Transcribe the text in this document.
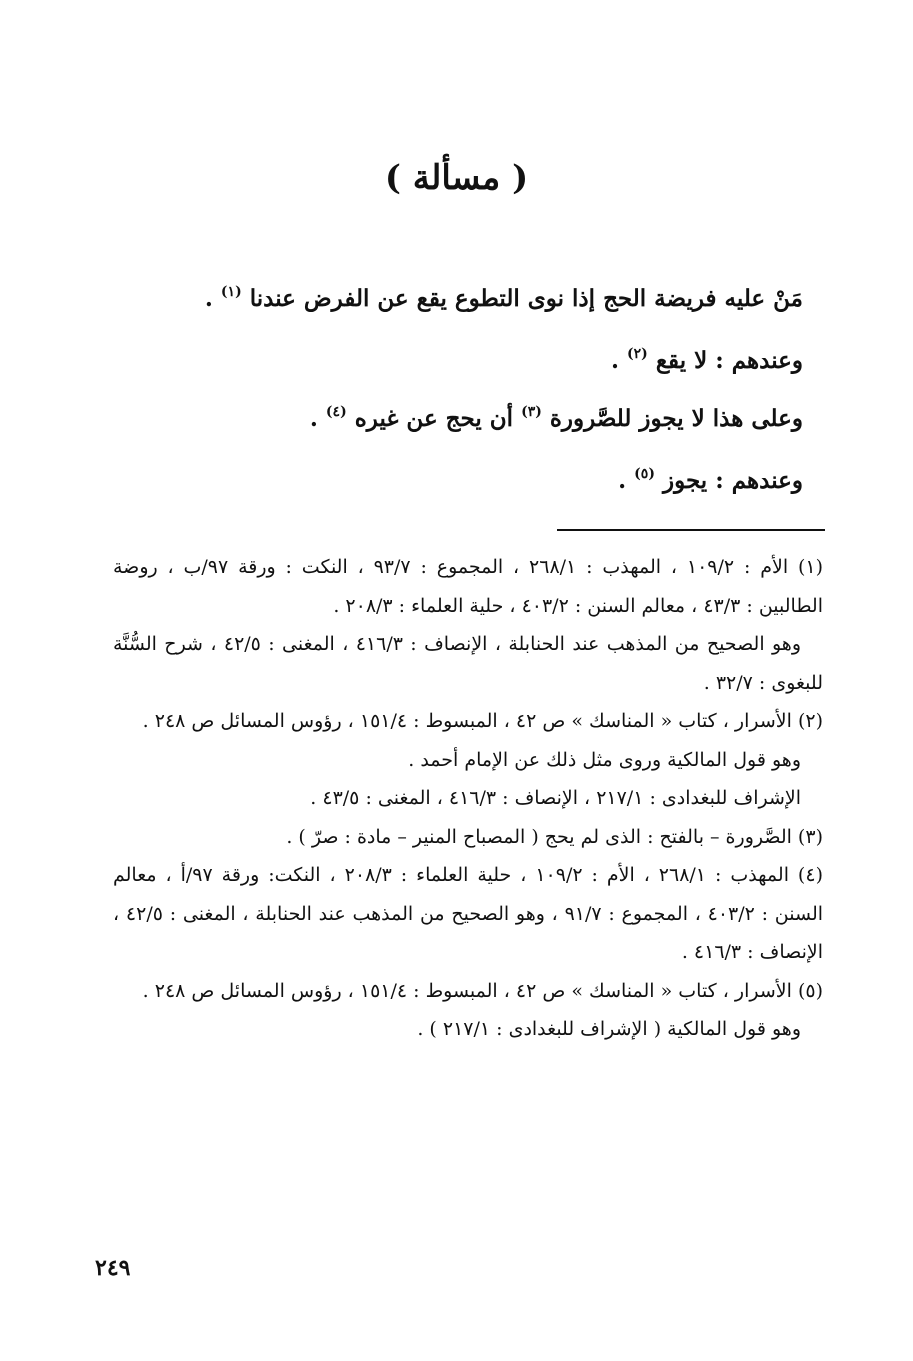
( مسألة )
مَنْ عليه فريضة الحج إذا نوى التطوع يقع عن الفرض عندنا $^{(١)}$ .
وعندهم : لا يقع $^{(٢)}$ .
وعلى هذا لا يجوز للصَّرورة $^{(٣)}$ أن يحج عن غيره $^{(٤)}$ .
وعندهم : يجوز $^{(٥)}$ .

(١) الأم : ١٠٩/٢ ، المهذب : ٢٦٨/١ ، المجموع : ٩٣/٧ ، النكت : ورقة ٩٧/ب ، روضة الطالبين : ٤٣/٣ ، معالم السنن : ٤٠٣/٢ ، حلية العلماء : ٢٠٨/٣ .

وهو الصحيح من المذهب عند الحنابلة ، الإنصاف : ٤١٦/٣ ، المغنى : ٤٢/٥ ، شرح السُّنَّة للبغوى : ٣٢/٧ .

(٢) الأسرار ، كتاب « المناسك » ص ٤٢ ، المبسوط : ١٥١/٤ ، رؤوس المسائل ص ٢٤٨ .

وهو قول المالكية وروى مثل ذلك عن الإمام أحمد .

الإشراف للبغدادى : ٢١٧/١ ، الإنصاف : ٤١٦/٣ ، المغنى : ٤٣/٥ .

(٣) الصَّرورة – بالفتح : الذى لم يحج ( المصباح المنير – مادة : صرّ ) .

(٤) المهذب : ٢٦٨/١ ، الأم : ١٠٩/٢ ، حلية العلماء : ٢٠٨/٣ ، النكت: ورقة ٩٧/أ ، معالم السنن : ٤٠٣/٢ ، المجموع : ٩١/٧ ، وهو الصحيح من المذهب عند الحنابلة ، المغنى : ٤٢/٥ ، الإنصاف : ٤١٦/٣ .

(٥) الأسرار ، كتاب « المناسك » ص ٤٢ ، المبسوط : ١٥١/٤ ، رؤوس المسائل ص ٢٤٨ .

وهو قول المالكية ( الإشراف للبغدادى : ٢١٧/١ ) .

٢٤٩
